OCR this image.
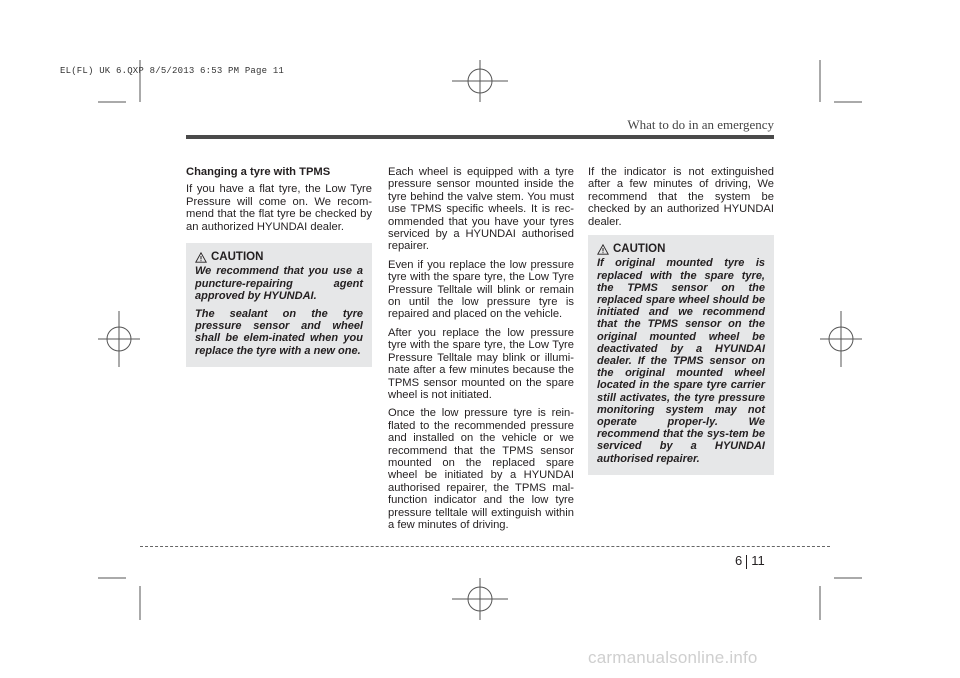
EL(FL) UK 6.QXP 8/5/2013 6:53 PM Page 11
What to do in an emergency

Changing a tyre with TPMS

If you have a flat tyre, the Low Tyre Pressure will come on. We recom-mend that the flat tyre be checked by an authorized HYUNDAI dealer.

CAUTION

We recommend that you use a puncture-repairing agent approved by HYUNDAI.

The sealant on the tyre pressure sensor and wheel shall be elem-inated when you replace the tyre with a new one.

Each wheel is equipped with a tyre pressure sensor mounted inside the tyre behind the valve stem. You must use TPMS specific wheels. It is rec-ommended that you have your tyres serviced by a HYUNDAI authorised repairer.

Even if you replace the low pressure tyre with the spare tyre, the Low Tyre Pressure Telltale will blink or remain on until the low pressure tyre is repaired and placed on the vehicle.

After you replace the low pressure tyre with the spare tyre, the Low Tyre Pressure Telltale may blink or illumi-nate after a few minutes because the TPMS sensor mounted on the spare wheel is not initiated.

Once the low pressure tyre is rein-flated to the recommended pressure and installed on the vehicle or we recommend that the TPMS sensor mounted on the replaced spare wheel be initiated by a HYUNDAI authorised repairer, the TPMS mal-function indicator and the low tyre pressure telltale will extinguish within a few minutes of driving.

If the indicator is not extinguished after a few minutes of driving, We recommend that the system be checked by an authorized HYUNDAI dealer.

CAUTION

If original mounted tyre is replaced with the spare tyre, the TPMS sensor on the replaced spare wheel should be initiated and we recommend that the TPMS sensor on the original mounted wheel be deactivated by a HYUNDAI dealer. If the TPMS sensor on the original mounted wheel located in the spare tyre carrier still activates, the tyre pressure monitoring system may not operate proper-ly. We recommend that the sys-tem be serviced by a HYUNDAI authorised repairer.

6 11
carmanualsonline.info
